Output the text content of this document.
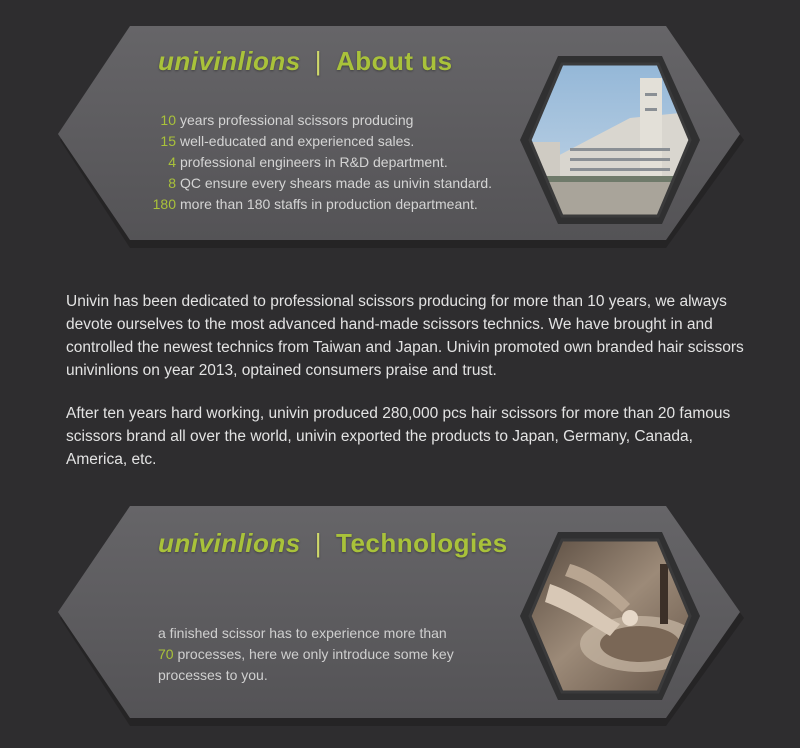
univinlions | About us
10 years professional scissors producing
15 well-educated and experienced sales.
4 professional engineers in R&D department.
8 QC ensure every shears made as univin standard.
180 more than 180 staffs in production departmeant.

Univin has been dedicated to professional scissors producing for more than 10 years, we always devote ourselves to the most advanced hand-made scissors technics. We have brought in and controlled the newest technics from Taiwan and Japan. Univin promoted own branded hair scissors univinlions on year 2013, optained consumers praise and trust.

After ten years hard working, univin produced 280,000 pcs hair scissors for more than 20 famous scissors brand all over the world, univin exported the products to Japan, Germany, Canada, America, etc.

univinlions | Technologies
a finished scissor has to experience more than 70 processes, here we only introduce some key processes to you.
